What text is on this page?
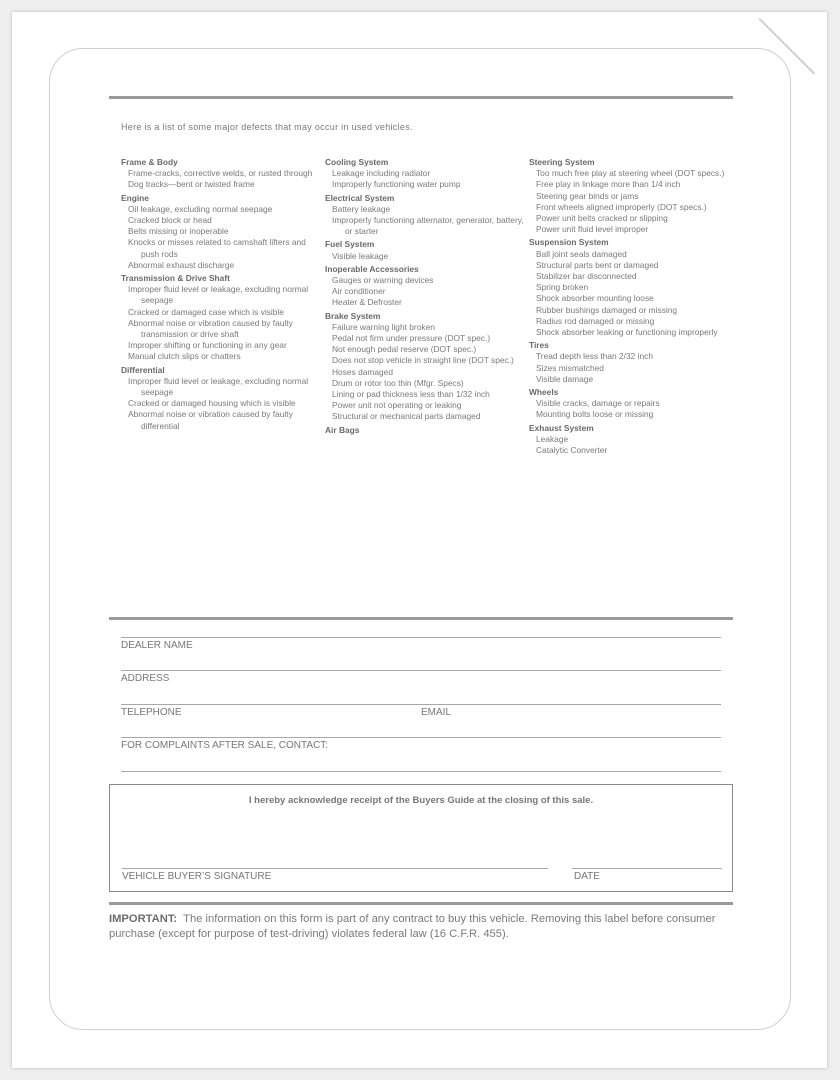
Here is a list of some major defects that may occur in used vehicles.
Frame & Body
Frame-cracks, corrective welds, or rusted through
Dog tracks—bent or twisted frame
Engine
Oil leakage, excluding normal seepage
Cracked block or head
Belts missing or inoperable
Knocks or misses related to camshaft lifters and push rods
Abnormal exhaust discharge
Transmission & Drive Shaft
Improper fluid level or leakage, excluding normal seepage
Cracked or damaged case which is visible
Abnormal noise or vibration caused by faulty transmission or drive shaft
Improper shifting or functioning in any gear
Manual clutch slips or chatters
Differential
Improper fluid level or leakage, excluding normal seepage
Cracked or damaged housing which is visible
Abnormal noise or vibration caused by faulty differential
Cooling System
Leakage including radiator
Improperly functioning water pump
Electrical System
Battery leakage
Improperly functioning alternator, generator, battery, or starter
Fuel System
Visible leakage
Inoperable Accessories
Gauges or warning devices
Air conditioner
Heater & Defroster
Brake System
Failure warning light broken
Pedal not firm under pressure (DOT spec.)
Not enough pedal reserve (DOT spec.)
Does not stop vehicle in straight line (DOT spec.)
Hoses damaged
Drum or rotor too thin (Mfgr. Specs)
Lining or pad thickness less than 1/32 inch
Power unit not operating or leaking
Structural or mechanical parts damaged
Air Bags
Steering System
Too much free play at steering wheel (DOT specs.)
Free play in linkage more than 1/4 inch
Steering gear binds or jams
Front wheels aligned improperly (DOT specs.)
Power unit belts cracked or slipping
Power unit fluid level improper
Suspension System
Ball joint seals damaged
Structural parts bent or damaged
Stabilizer bar disconnected
Spring broken
Shock absorber mounting loose
Rubber bushings damaged or missing
Radius rod damaged or missing
Shock absorber leaking or functioning improperly
Tires
Tread depth less than 2/32 inch
Sizes mismatched
Visible damage
Wheels
Visible cracks, damage or repairs
Mounting bolts loose or missing
Exhaust System
Leakage
Catalytic Converter
DEALER NAME
ADDRESS
TELEPHONE	EMAIL
FOR COMPLAINTS AFTER SALE, CONTACT:
I hereby acknowledge receipt of the Buyers Guide at the closing of this sale.
VEHICLE BUYER’S SIGNATURE	DATE
IMPORTANT: The information on this form is part of any contract to buy this vehicle. Removing this label before consumer purchase (except for purpose of test-driving) violates federal law (16 C.F.R. 455).
